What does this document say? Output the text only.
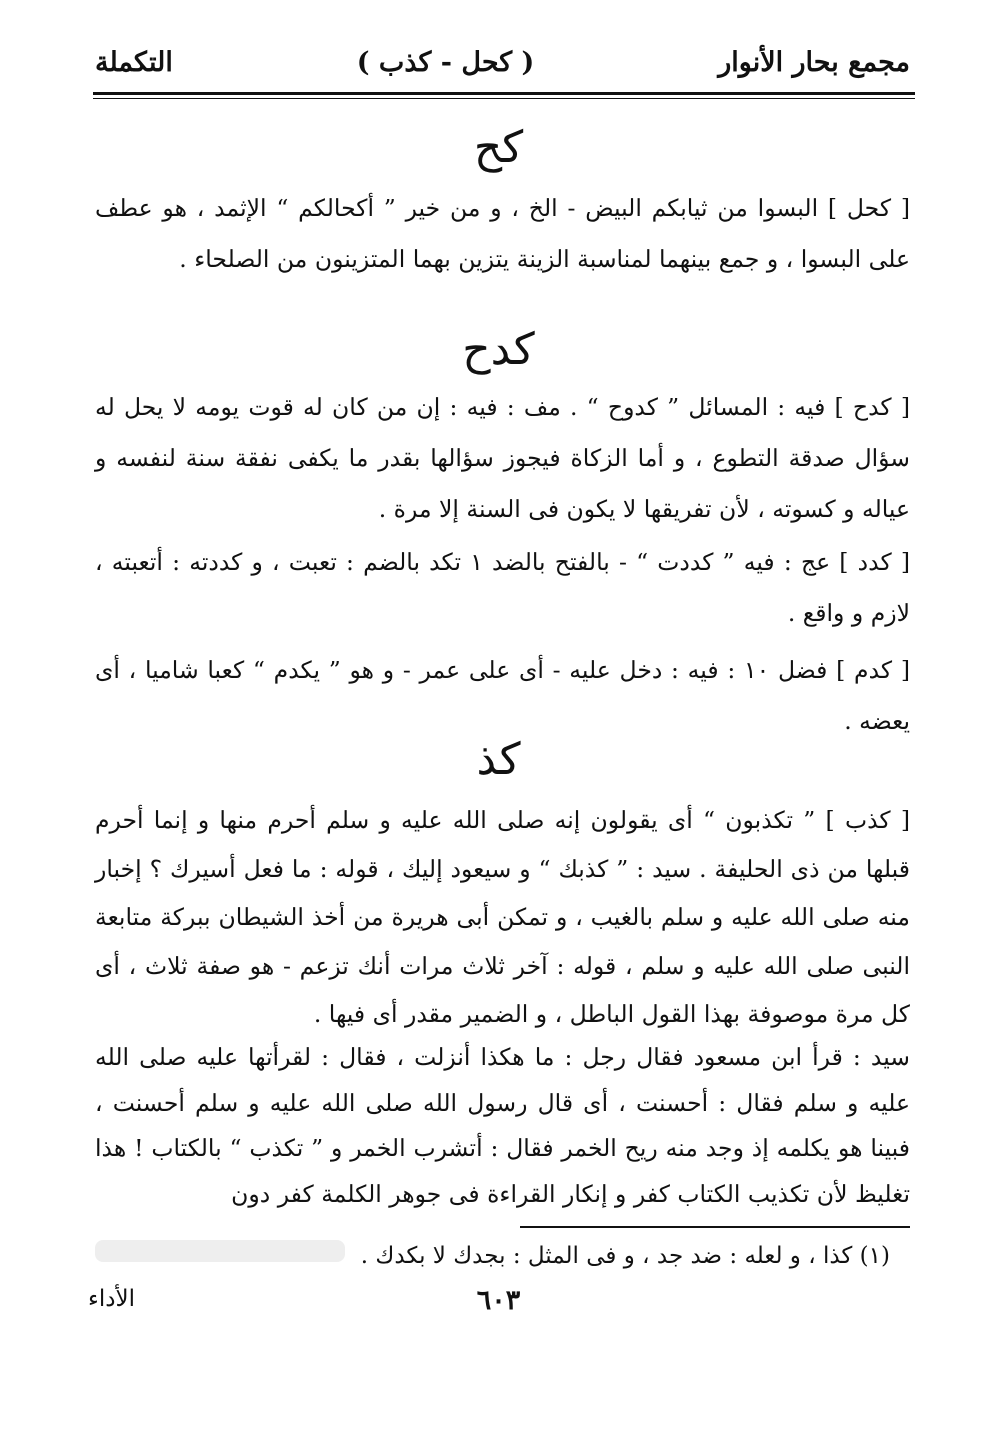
مجمع بحار الأنوار
( كحل - كذب )
التكملة
كح

[ كحل ] البسوا من ثيابكم البيض - الخ ، و من خير ” أكحالكم “ الإثمد ، هو عطف على البسوا ، و جمع بينهما لمناسبة الزينة يتزين بهما المتزينون من الصلحاء .

كدح

[ كدح ] فيه : المسائل ” كدوح “ . مف : فيه : إن من كان له قوت يومه لا يحل له سؤال صدقة التطوع ، و أما الزكاة فيجوز سؤالها بقدر ما يكفى نفقة سنة لنفسه و عياله و كسوته ، لأن تفريقها لا يكون فى السنة إلا مرة .

[ كدد ] عج : فيه ” كددت “ - بالفتح بالضد ١ تكد بالضم : تعبت ، و كددته : أتعبته ، لازم و واقع .

[ كدم ] فضل ١٠ : فيه : دخل عليه - أى على عمر - و هو ” يكدم “ كعبا شاميا ، أى يعضه .

كذ

[ كذب ] ” تكذبون “ أى يقولون إنه صلى الله عليه و سلم أحرم منها و إنما أحرم قبلها من ذى الحليفة . سيد : ” كذبك “ و سيعود إليك ، قوله : ما فعل أسيرك ؟ إخبار منه صلى الله عليه و سلم بالغيب ، و تمكن أبى هريرة من أخذ الشيطان ببركة متابعة النبى صلى الله عليه و سلم ، قوله : آخر ثلاث مرات أنك تزعم - هو صفة ثلاث ، أى كل مرة موصوفة بهذا القول الباطل ، و الضمير مقدر أى فيها .

سيد : قرأ ابن مسعود فقال رجل : ما هكذا أنزلت ، فقال : لقرأتها عليه صلى الله عليه و سلم فقال : أحسنت ، أى قال رسول الله صلى الله عليه و سلم أحسنت ، فبينا هو يكلمه إذ وجد منه ريح الخمر فقال : أتشرب الخمر و ” تكذب “ بالكتاب ! هذا تغليظ لأن تكذيب الكتاب كفر و إنكار القراءة فى جوهر الكلمة كفر دون

(١) كذا ، و لعله : ضد جد ، و فى المثل : بجدك لا بكدك .
الأداء	٦٠٣
